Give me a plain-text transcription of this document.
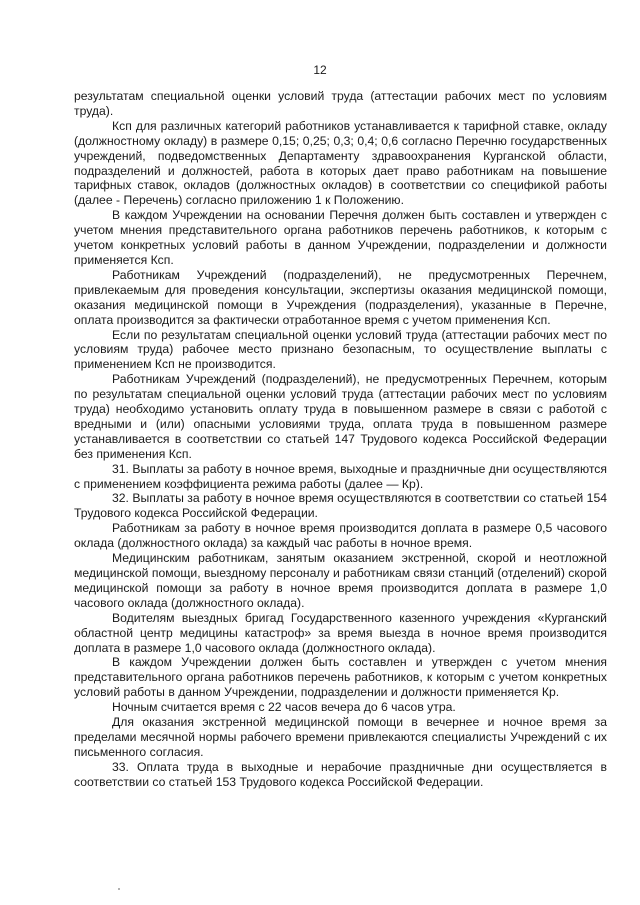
12

результатам специальной оценки условий труда (аттестации рабочих мест по условиям труда).

Ксп для различных категорий работников устанавливается к тарифной ставке, окладу (должностному окладу) в размере 0,15; 0,25; 0,3; 0,4; 0,6 согласно Перечню государственных учреждений, подведомственных Департаменту здравоохранения Курганской области, подразделений и должностей, работа в которых дает право работникам на повышение тарифных ставок, окладов (должностных окладов) в соответствии со спецификой работы (далее - Перечень) согласно приложению 1 к Положению.

В каждом Учреждении на основании Перечня должен быть составлен и утвержден с учетом мнения представительного органа работников перечень работников, к которым с учетом конкретных условий работы в данном Учреждении, подразделении и должности применяется Ксп.

Работникам Учреждений (подразделений), не предусмотренных Перечнем, привлекаемым для проведения консультации, экспертизы оказания медицинской помощи, оказания медицинской помощи в Учреждения (подразделения), указанные в Перечне, оплата производится за фактически отработанное время с учетом применения Ксп.

Если по результатам специальной оценки условий труда (аттестации рабочих мест по условиям труда) рабочее место признано безопасным, то осуществление выплаты с применением Ксп не производится.

Работникам Учреждений (подразделений), не предусмотренных Перечнем, которым по результатам специальной оценки условий труда (аттестации рабочих мест по условиям труда) необходимо установить оплату труда в повышенном размере в связи с работой с вредными и (или) опасными условиями труда, оплата труда в повышенном размере устанавливается в соответствии со статьей 147 Трудового кодекса Российской Федерации без применения Ксп.

31. Выплаты за работу в ночное время, выходные и праздничные дни осуществляются с применением коэффициента режима работы (далее — Кр).

32. Выплаты за работу в ночное время осуществляются в соответствии со статьей 154 Трудового кодекса Российской Федерации.

Работникам за работу в ночное время производится доплата в размере 0,5 часового оклада (должностного оклада) за каждый час работы в ночное время.

Медицинским работникам, занятым оказанием экстренной, скорой и неотложной медицинской помощи, выездному персоналу и работникам связи станций (отделений) скорой медицинской помощи за работу в ночное время производится доплата в размере 1,0 часового оклада (должностного оклада).

Водителям выездных бригад Государственного казенного учреждения «Курганский областной центр медицины катастроф» за время выезда в ночное время производится доплата в размере 1,0 часового оклада (должностного оклада).

В каждом Учреждении должен быть составлен и утвержден с учетом мнения представительного органа работников перечень работников, к которым с учетом конкретных условий работы в данном Учреждении, подразделении и должности применяется Кр.

Ночным считается время с 22 часов вечера до 6 часов утра.

Для оказания экстренной медицинской помощи в вечернее и ночное время за пределами месячной нормы рабочего времени привлекаются специалисты Учреждений с их письменного согласия.

33. Оплата труда в выходные и нерабочие праздничные дни осуществляется в соответствии со статьей 153 Трудового кодекса Российской Федерации.
